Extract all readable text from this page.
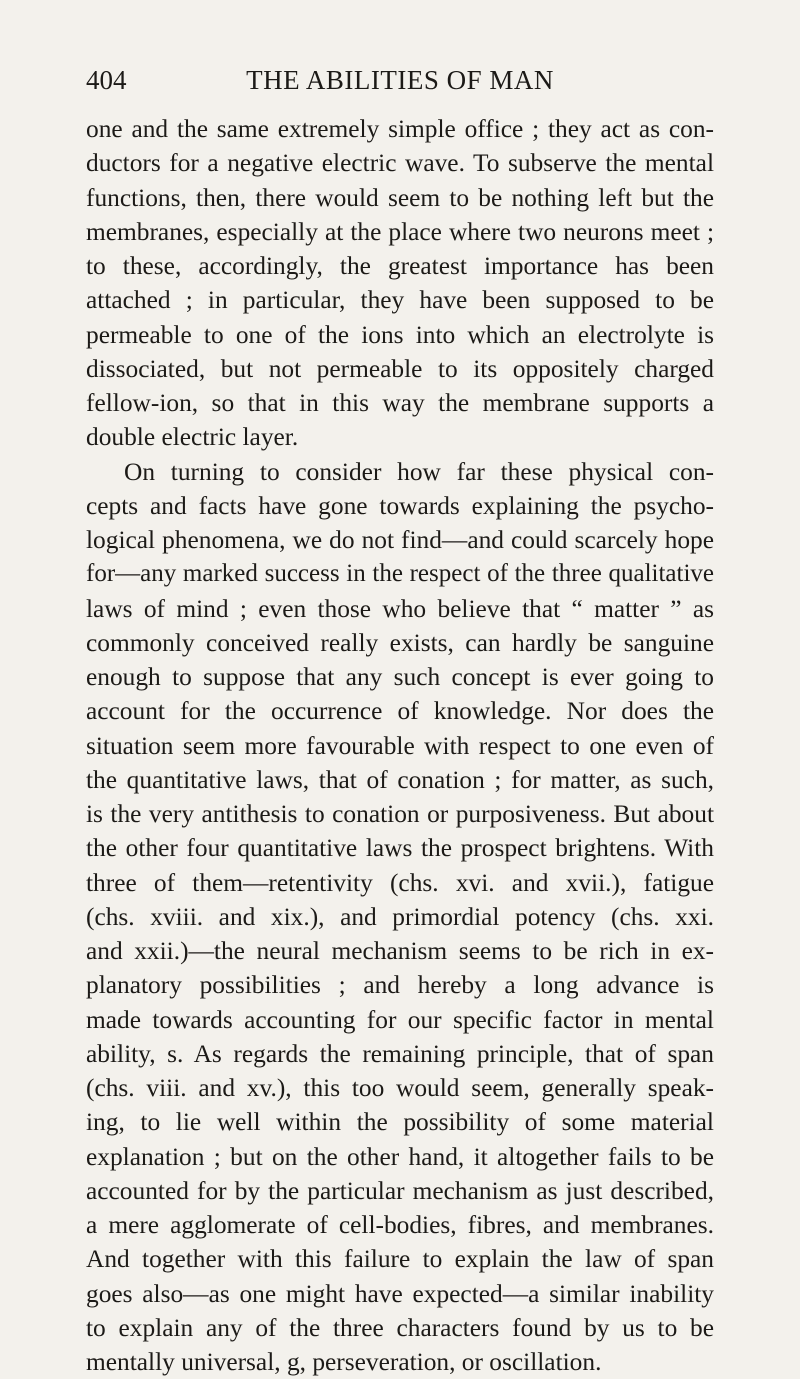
404	THE ABILITIES OF MAN
one and the same extremely simple office ; they act as con-
ductors for a negative electric wave. To subserve the mental
functions, then, there would seem to be nothing left but the
membranes, especially at the place where two neurons meet ;
to these, accordingly, the greatest importance has been
attached ; in particular, they have been supposed to be
permeable to one of the ions into which an electrolyte is
dissociated, but not permeable to its oppositely charged
fellow-ion, so that in this way the membrane supports a
double electric layer.
On turning to consider how far these physical con-
cepts and facts have gone towards explaining the psycho-
logical phenomena, we do not find—and could scarcely hope
for—any marked success in the respect of the three qualitative
laws of mind ; even those who believe that “ matter ” as
commonly conceived really exists, can hardly be sanguine
enough to suppose that any such concept is ever going to
account for the occurrence of knowledge. Nor does the
situation seem more favourable with respect to one even of
the quantitative laws, that of conation ; for matter, as such,
is the very antithesis to conation or purposiveness. But about
the other four quantitative laws the prospect brightens. With
three of them—retentivity (chs. xvi. and xvii.), fatigue
(chs. xviii. and xix.), and primordial potency (chs. xxi.
and xxii.)—the neural mechanism seems to be rich in ex-
planatory possibilities ; and hereby a long advance is
made towards accounting for our specific factor in mental
ability, s. As regards the remaining principle, that of span
(chs. viii. and xv.), this too would seem, generally speak-
ing, to lie well within the possibility of some material
explanation ; but on the other hand, it altogether fails to be
accounted for by the particular mechanism as just described,
a mere agglomerate of cell-bodies, fibres, and membranes.
And together with this failure to explain the law of span
goes also—as one might have expected—a similar inability
to explain any of the three characters found by us to be
mentally universal, g, perseveration, or oscillation.
